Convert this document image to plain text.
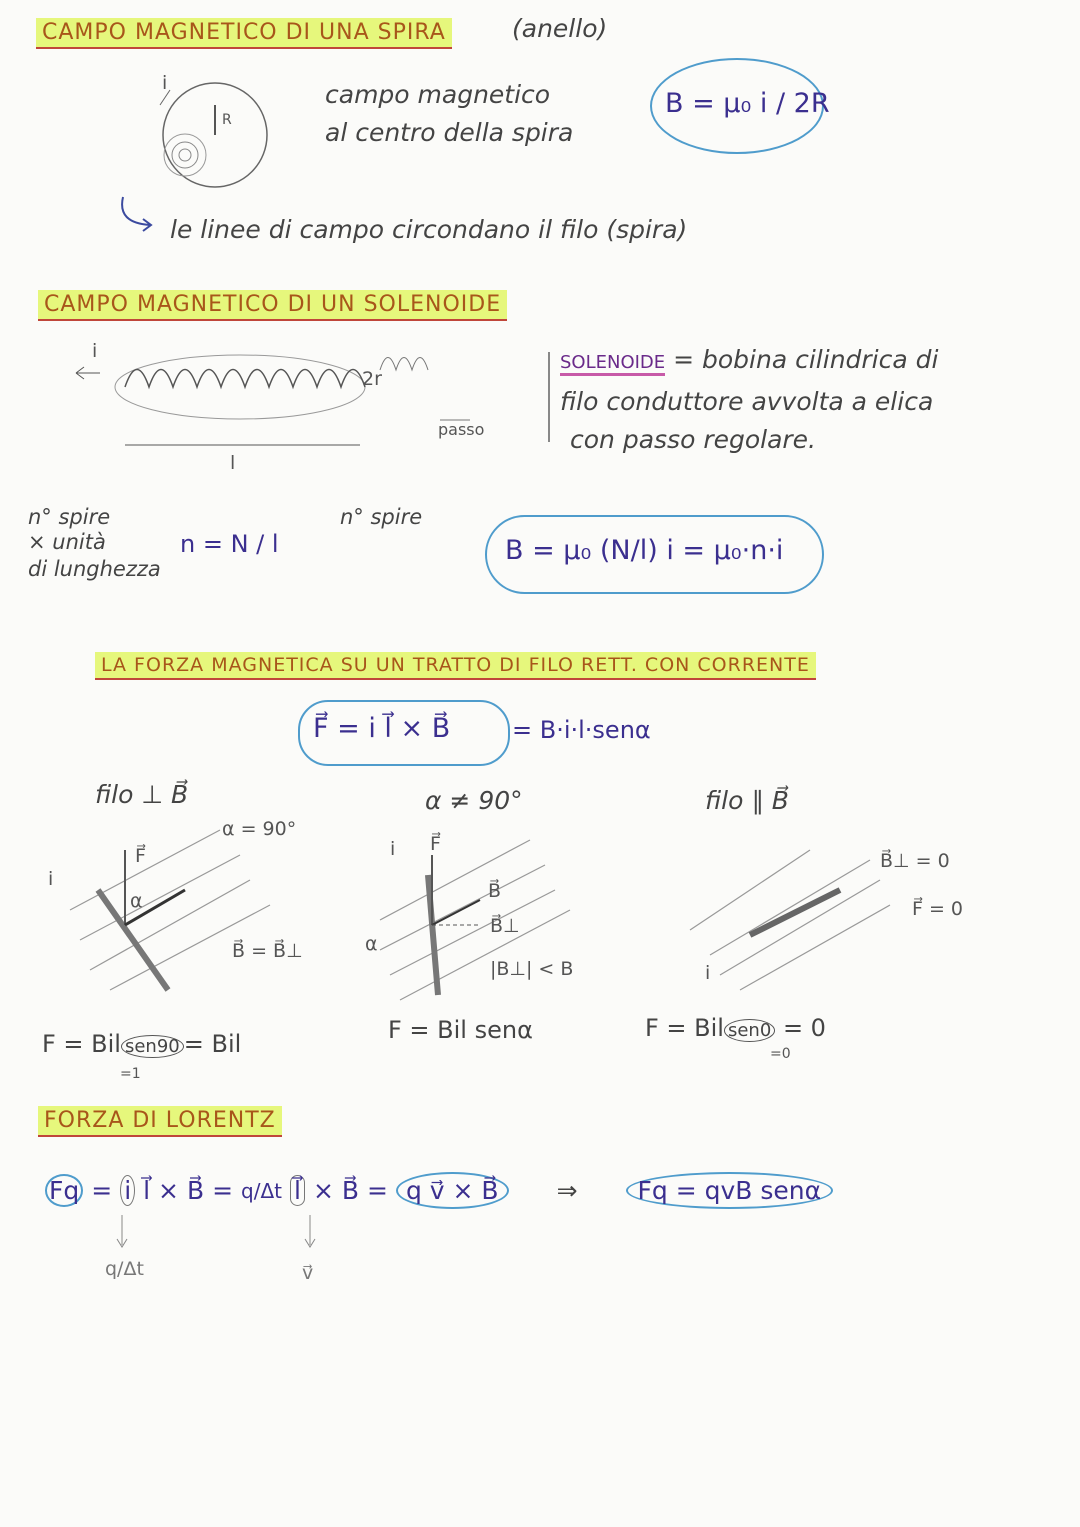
CAMPO MAGNETICO DI UNA SPIRA	(anello)
i
R
campo magnetico
al centro della spira
B = μ₀ i / 2R
le linee di campo circondano il filo (spira)
CAMPO MAGNETICO DI UN SOLENOIDE
i
2r
l
passo
SOLENOIDE = bobina cilindrica di
filo conduttore avvolta a elica
con passo regolare.
n° spire
× unità
di lunghezza
n = N / l
n° spire
B = μ₀ (N/l) i = μ₀·n·i
LA FORZA MAGNETICA SU UN TRATTO DI FILO RETT. CON CORRENTE
F⃗ = i l⃗ × B⃗	= B·i·l·senα
filo ⊥ B⃗
α = 90°
i
F⃗
α
B⃗ = B⃗⊥
F = Bil sen90 = Bil
=1
α ≠ 90°
i F⃗
B⃗
B⃗⊥
α
|B⊥| < B
F = Bil senα
filo ∥ B⃗
B⃗⊥ = 0
F⃗ = 0
i
F = Bil sen0 = 0
=0
FORZA DI LORENTZ
Fq = i l⃗ × B⃗ = q/Δt l⃗ × B⃗ = q v⃗ × B⃗	⇒	Fq = qvB senα
q/Δt	v⃗
